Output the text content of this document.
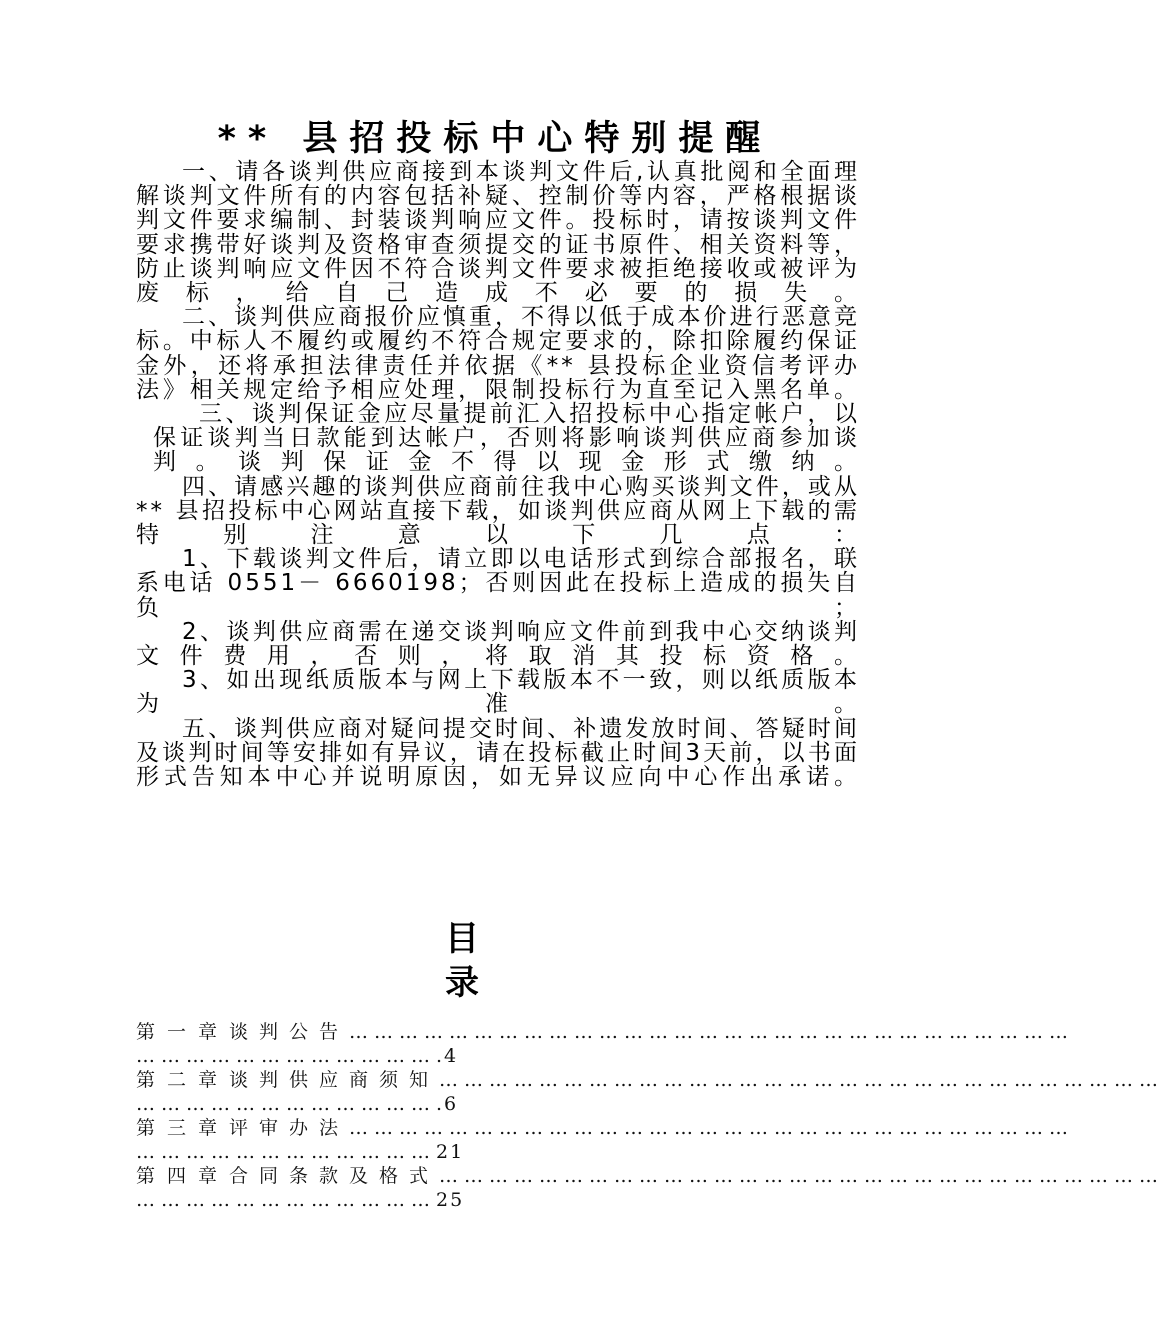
** 县招投标中心特别提醒

一、请各谈判供应商接到本谈判文件后,认真批阅和全面理解谈判文件所有的内容包括补疑、控制价等内容，严格根据谈判文件要求编制、封装谈判响应文件。投标时，请按谈判文件要求携带好谈判及资格审查须提交的证书原件、相关资料等，防止谈判响应文件因不符合谈判文件要求被拒绝接收或被评为废标，给自己造成不必要的损失。

二、谈判供应商报价应慎重，不得以低于成本价进行恶意竞标。中标人不履约或履约不符合规定要求的，除扣除履约保证金外，还将承担法律责任并依据《** 县投标企业资信考评办法》相关规定给予相应处理，限制投标行为直至记入黑名单。

三、谈判保证金应尽量提前汇入招投标中心指定帐户，以保证谈判当日款能到达帐户，否则将影响谈判供应商参加谈判。谈判保证金不得以现金形式缴纳。

四、请感兴趣的谈判供应商前往我中心购买谈判文件，或从 ** 县招投标中心网站直接下载，如谈判供应商从网上下载的需特别注意以下几点：

1、下载谈判文件后，请立即以电话形式到综合部报名，联系电话 0551－ 6660198；否则因此在投标上造成的损失自负；

2、谈判供应商需在递交谈判响应文件前到我中心交纳谈判文件费用，否则，将取消其投标资格。

3、如出现纸质版本与网上下载版本不一致，则以纸质版本为准。

五、谈判供应商对疑问提交时间、补遗发放时间、答疑时间及谈判时间等安排如有异议，请在投标截止时间3天前，以书面形式告知本中心并说明原因，如无异议应向中心作出承诺。

目 录
第一章 谈判公告 ……………………………………………………………………………
……………………………….4
第二章 谈判供应商须知 ……………………………………………………………………………
……………………………….6
第三章 评审办法 ……………………………………………………………………………
………………………………21
第四章 合同条款及格式 ……………………………………………………………………………
………………………………25
